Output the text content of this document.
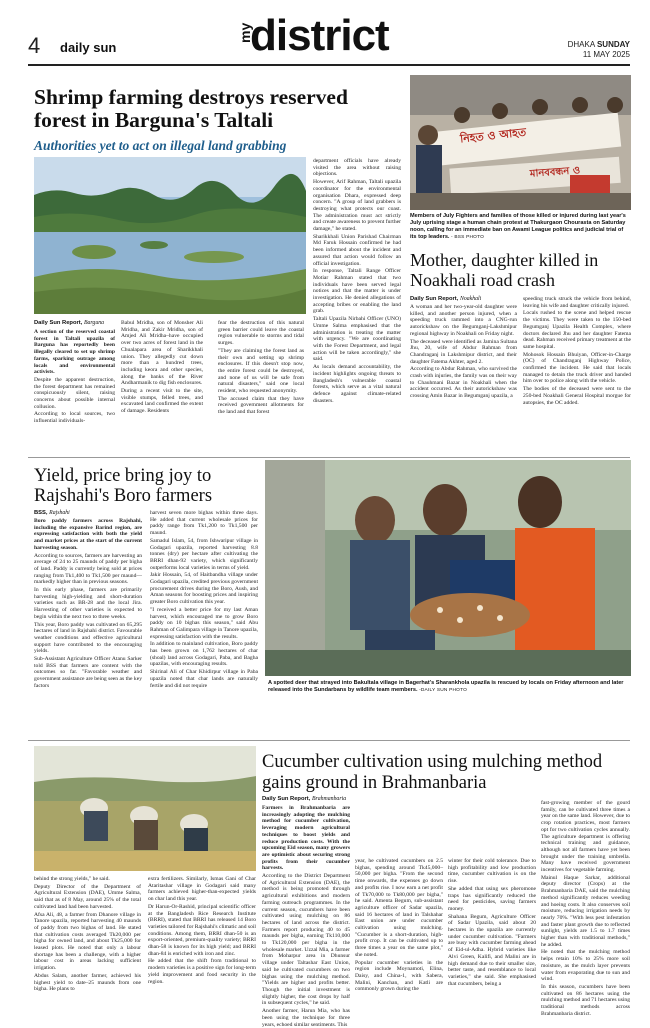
4 daily sun
my
district	DHAKA SUNDAY
11 MAY 2025
Shrimp farming destroys reserved forest in Barguna's Taltali
Authorities yet to act on illegal land grabbing
Daily Sun Report, Barguna

A section of the reserved coastal forest in Taltali upazila of Barguna has reportedly been illegally cleared to set up shrimp farms, sparking outrage among locals and environmental activists.

Despite the apparent destruction, the forest department has remained conspicuously silent, raising concerns about possible internal collusion.

According to local sources, two influential individuals-

Babul Mridha, son of Monsher Ali Mridha, and Zakir Mridha, son of Amjed Ali Mridha–have occupied over two acres of forest land in the Chualapara area of Sharikkhali union. They allegedly cut down more than a hundred trees, including keora and other species, along the banks of the River Andharmanik to dig fish enclosures.

During a recent visit to the site, visible stumps, felled trees, and excavated land confirmed the extent of damage. Residents

fear the destruction of this natural green barrier could leave the coastal region vulnerable to storms and tidal surges.

"They are claiming the forest land as their own and setting up shrimp enclosures. If this doesn't stop now, the entire forest could be destroyed, and none of us will be safe from natural disasters," said one local resident, who requested anonymity.

The accused claim that they have received government allotments for the land and that forest

department officials have already visited the area without raising objections.

However, Arif Rahman, Taltali upazila coordinator for the environmental organisation Dhara, expressed deep concern. "A group of land grabbers is destroying what protects our coast. The administration must act strictly and create awareness to prevent further damage," he stated.

Sharikkhali Union Parishad Chairman Md Faruk Hossain confirmed he had been informed about the incident and assured that action would follow an official investigation.

In response, Taltali Range Officer Motiar Rahman stated that two individuals have been served legal notices and that the matter is under investigation. He denied allegations of accepting bribes or enabling the land grab.

Taltali Upazila Nirbahi Officer (UNO) Umme Salma emphasised that the administration is treating the matter with urgency. "We are coordinating with the Forest Department, and legal action will be taken accordingly," she said.

As locals demand accountability, the incident highlights ongoing threats to Bangladesh's vulnerable coastal forests, which serve as a vital natural defence against climate-related disasters.

নিহত ও আহত
মানববন্ধন ও
Members of July Fighters and families of those killed or injured during last year's July uprising stage a human chain protest at Thakurgaon Chourasta on Saturday noon, calling for an immediate ban on Awami League politics and judicial trial of its top leaders. - BSS PHOTO
Mother, daughter killed in Noakhali road crash
Daily Sun Report, Noakhali

A woman and her two-year-old daughter were killed, and another person injured, when a speeding truck rammed into a CNG-run autorickshaw on the Begumganj-Lakshmipur regional highway in Noakhali on Friday night.

The deceased were identified as Jamina Sultana Jhu, 20, wife of Abdur Rahman from Chandraganj in Lakshmipur district, and their daughter Fatema Akhter, aged 2.

According to Abdur Rahman, who survived the crash with injuries, the family was on their way to Chauhmani Bazar in Noakhali when the accident occurred. As their autorickshaw was crossing Amin Bazar in Begumganj upazila, a

speeding truck struck the vehicle from behind, leaving his wife and daughter critically injured.

Locals rushed to the scene and helped rescue the victims. They were taken to the 150-bed Begumganj Upazila Health Complex, where doctors declared Jhu and her daughter Fatema dead. Rahman received primary treatment at the same hospital.

Mohosok Hossain Bhuiyan, Officer-in-Charge (OC) of Chandraganj Highway Police, confirmed the incident. He said that locals managed to detain the truck driver and handed him over to police along with the vehicle.

The bodies of the deceased were sent to the 250-bed Noakhali General Hospital morgue for autopsies, the OC added.

Yield, price bring joy to Rajshahi's Boro farmers
BSS, Rajshahi

Boro paddy farmers across Rajshahi, including the expansive Barind region, are expressing satisfaction with both the yield and market prices at the start of the current harvesting season.

According to sources, farmers are harvesting an average of 24 to 25 maunds of paddy per bigha of land. Paddy is currently being sold at prices ranging from Tk1,400 to Tk1,500 per maund—markedly higher than in previous seasons.

In this early phase, farmers are primarily harvesting high-yielding and short-duration varieties such as BR-28 and the local Jira. Harvesting of other varieties is expected to begin within the next two to three weeks.

This year, Boro paddy was cultivated on 65,295 hectares of land in Rajshahi district. Favourable weather conditions and effective agricultural support have contributed to the encouraging yields.

Sub-Assistant Agriculture Officer Atanu Sarker told BSS that farmers are content with the outcomes so far. "Favorable weather and government assistance are being seen as the key factors

harvest seven more bighas within three days. He added that current wholesale prices for paddy range from Tk1,200 to Tk1,500 per maund.

Samadul Islam, 54, from Ishwaripur village in Godagari upazila, reported harvesting 8.8 tonnes (dry) per hectare after cultivating the BRRI dhan-92 variety, which significantly outperforms local varieties in terms of yield.

Jakir Hossain, 54, of Haitbandha village under Godagari upazila, credited previous government procurement drives during the Boro, Aush, and Aman seasons for boosting prices and inspiring greater Boro cultivation this year.

"I received a better price for my last Aman harvest, which encouraged me to grow Boro paddy on 10 bighas this season," said Abu Rahman of Galimpara village in Tanore upazila, expressing satisfaction with the results.

In addition to mainland cultivation, Boro paddy has been grown on 1,762 hectares of char (shoal) land across Godagari, Paba, and Bagha upazilas, with encouraging results.

Shirinal Ali of Char Khidirpur village in Paba upazila noted that char lands are naturally fertile and did not require	A spotted deer that strayed into Bakultala village in Bagerhat's Sharankhola upazila is rescued by locals on Friday afternoon and later released into the Sundarbans by wildlife team members. -DAILY SUN PHOTO
Cucumber cultivation using mulching method gains ground in Brahmanbaria
Daily Sun Report, Brahmanbaria

behind the strong yields," he said.

Deputy Director of the Department of Agricultural Extension (DAE), Umme Salma, said that as of 8 May, around 25% of the total cultivated land had been harvested.

Afsa Ali, 48, a farmer from Dhanore village in Tanore upazila, reported harvesting 40 maunds of paddy from two bighas of land. He stated that cultivation costs averaged Tk20,000 per bigha for owned land, and about Tk25,000 for leased plots. He noted that only a labour shortage has been a challenge, with a higher labour cost in areas lacking sufficient irrigation.

Abdus Salam, another farmer, achieved his highest yield to date–25 maunds from one bigha. He plans to

extra fertilizers. Similarly, Ismas Gani of Char Ataritashar village in Godagari said many farmers achieved higher-than-expected yields on char land this year.

Dr Harun-Or-Rashid, principal scientific officer at the Bangladesh Rice Research Institute (BRRI), stated that BRRI has released 14 Boro varieties tailored for Rajshahi's climatic and soil conditions. Among them, BRRI dhan-50 is an export-oriented, premium-quality variety; BRRI dhan-58 is known for its high yield; and BRRI dhan-84 is enriched with iron and zinc.

He added that the shift from traditional to modern varieties is a positive sign for long-term yield improvement and food security in the region.

Farmers in Brahmanbaria are increasingly adopting the mulching method for cucumber cultivation, leveraging modern agricultural techniques to boost yields and reduce production costs. With the upcoming Eid season, many growers are optimistic about securing strong profits from their cucumber harvests.

According to the District Department of Agricultural Extension (DAE), the method is being promoted through agricultural exhibitions and modern farming outreach programmes. In the current season, cucumbers have been cultivated using mulching on 86 hectares of land across the district. Farmers report producing 40 to 45 maunds per bigha, earning Tk110,000 to Tk120,000 per bigha in the wholesale market. Uzzal Mia, a farmer from Moharpur area in Dhunsur village under Taltashar East Union, said he cultivated cucumbers on two bighas using the mulching method. "Yields are higher and profits better. Though the initial investment is slightly higher, the cost drops by half in subsequent cycles," he said.

Another farmer, Harun Mia, who has been using the technique for three years, echoed similar sentiments. This

year, he cultivated cucumbers on 2.5 bighas, spending around Tk45,000–50,000 per bigha. "From the second time onwards, the expenses go down and profits rise. I now earn a net profit of Tk70,000 to Tk80,000 per bigha," he said. Amenta Begum, sub-assistant agriculture officer of Sadar upazila, said 16 hectares of land in Talshahar East union are under cucumber cultivation using mulching. "Cucumber is a short-duration, high-profit crop. It can be cultivated up to three times a year on the same plot," she noted.

Popular cucumber varieties in the region include Moynamoti, Elina, Daisy, and China-1, with Sabera, Malini, Kanchan, and Katli are commonly grown during the

winter for their cold tolerance. Due to high profitability and low production time, cucumber cultivation is on the rise.

She added that using sex pheromone traps has significantly reduced the need for pesticides, saving farmers money.

Shahana Begum, Agriculture Officer of Sadar Upazila, said about 20 hectares in the upazila are currently under cucumber cultivation. "Farmers are busy with cucumber farming ahead of Eid-ul-Adha. Hybrid varieties like Alvi Green, Kalifi, and Malini are in high demand due to their smaller size, better taste, and resemblance to local varieties," she said. She emphasised that cucumbers, being a

fast-growing member of the gourd family, can be cultivated three times a year on the same land. However, due to crop rotation practices, most farmers opt for two cultivation cycles annually. The agriculture department is offering technical training and guidance, although not all farmers have yet been brought under the training umbrella. Many have received government incentives for vegetable farming.

Mainul Haque Sarkar, additional deputy director (Crops) at the Brahmanbaria DAE, said the mulching method significantly reduces weeding and hoeing costs. It also conserves soil moisture, reducing irrigation needs by nearly 70%. "With less pest infestation and faster plant growth due to reflected sunlight, yields are 1.5 to 1.7 times higher than with traditional methods," he added.

He noted that the mulching method helps retain 10% to 25% more soil moisture, as the mulch layer prevents water from evaporating due to sun and wind.

In this season, cucumbers have been cultivated on 86 hectares using the mulching method and 71 hectares using traditional methods across Brahmanbaria district.
